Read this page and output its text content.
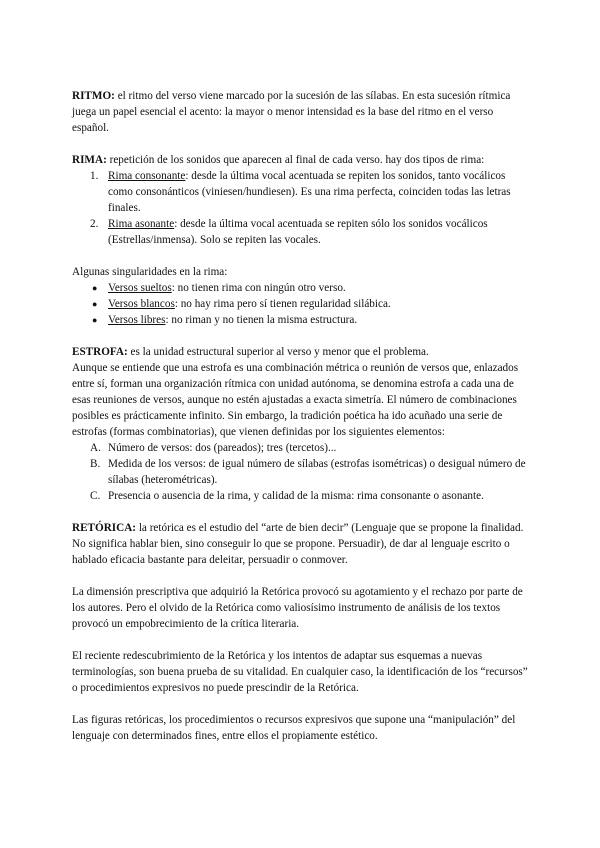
RITMO: el ritmo del verso viene marcado por la sucesión de las sílabas. En esta sucesión rítmica juega un papel esencial el acento: la mayor o menor intensidad es la base del ritmo en el verso español.

RIMA: repetición de los sonidos que aparecen al final de cada verso. hay dos tipos de rima:

1. Rima consonante: desde la última vocal acentuada se repiten los sonidos, tanto vocálicos como consonánticos (viniesen/hundiesen). Es una rima perfecta, coinciden todas las letras finales.
2. Rima asonante: desde la última vocal acentuada se repiten sólo los sonidos vocálicos (Estrellas/inmensa). Solo se repiten las vocales.

Algunas singularidades en la rima:

● Versos sueltos: no tienen rima con ningún otro verso.
● Versos blancos: no hay rima pero sí tienen regularidad silábica.
● Versos libres: no riman y no tienen la misma estructura.

ESTROFA: es la unidad estructural superior al verso y menor que el problema.

Aunque se entiende que una estrofa es una combinación métrica o reunión de versos que, enlazados entre sí, forman una organización rítmica con unidad autónoma, se denomina estrofa a cada una de esas reuniones de versos, aunque no estén ajustadas a exacta simetría. El número de combinaciones posibles es prácticamente infinito. Sin embargo, la tradición poética ha ido acuñado una serie de estrofas (formas combinatorias), que vienen definidas por los siguientes elementos:

A. Número de versos: dos (pareados); tres (tercetos)...
B. Medida de los versos: de igual número de sílabas (estrofas isométricas) o desigual número de sílabas (heterométricas).
C. Presencia o ausencia de la rima, y calidad de la misma: rima consonante o asonante.

RETÓRICA: la retórica es el estudio del “arte de bien decir” (Lenguaje que se propone la finalidad. No significa hablar bien, sino conseguir lo que se propone. Persuadir), de dar al lenguaje escrito o hablado eficacia bastante para deleitar, persuadir o conmover.

La dimensión prescriptiva que adquirió la Retórica provocó su agotamiento y el rechazo por parte de los autores. Pero el olvido de la Retórica como valiosísimo instrumento de análisis de los textos provocó un empobrecimiento de la crítica literaria.

El reciente redescubrimiento de la Retórica y los intentos de adaptar sus esquemas a nuevas terminologías, son buena prueba de su vitalidad. En cualquier caso, la identificación de los “recursos” o procedimientos expresivos no puede prescindir de la Retórica.

Las figuras retóricas, los procedimientos o recursos expresivos que supone una “manipulación” del lenguaje con determinados fines, entre ellos el propiamente estético.
